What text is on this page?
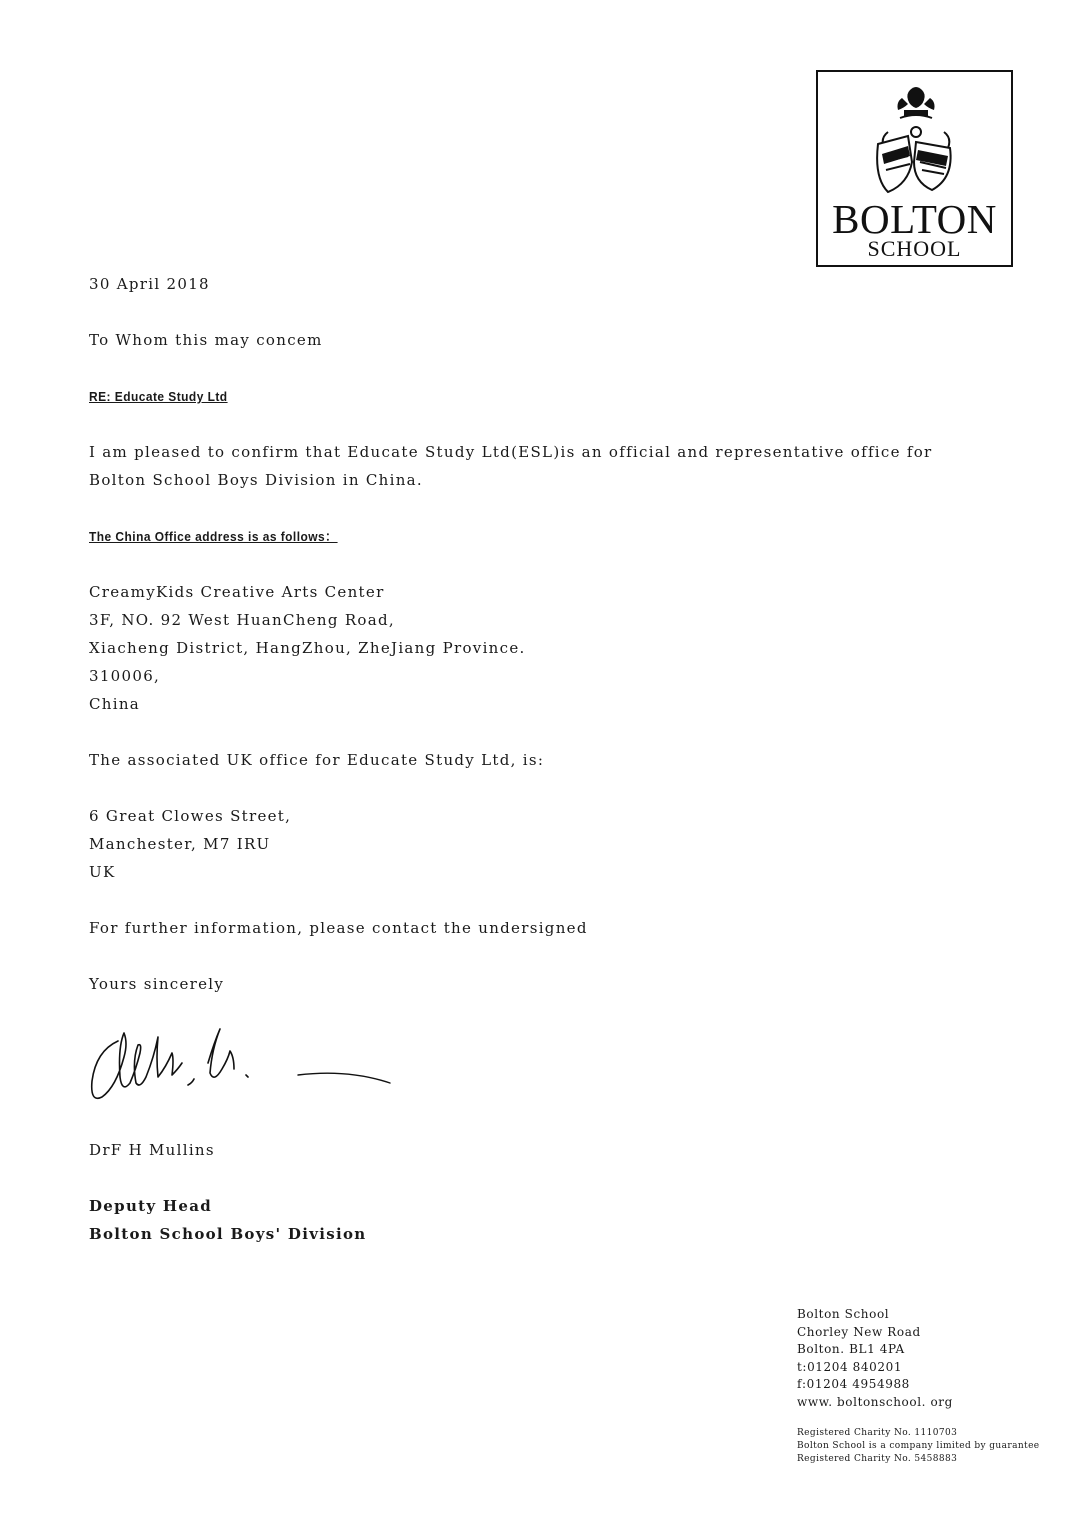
BOLTON
SCHOOL
30 April 2018
To Whom this may concem
RE: Educate Study Ltd
I am pleased to confirm that Educate Study Ltd(ESL)is an official and representative office for
Bolton School Boys Division in China.
The China Office address is as follows：
CreamyKids Creative Arts Center
3F, NO. 92 West HuanCheng Road,
Xiacheng District, HangZhou, ZheJiang Province.
310006,
China
The associated UK office for Educate Study Ltd, is:
6 Great Clowes Street,
Manchester, M7 IRU
UK
For further information, please contact the undersigned
Yours sincerely
DrF H Mullins
Deputy Head
Bolton School Boys' Division
Bolton School
Chorley New Road
Bolton. BL1 4PA
t:01204 840201
f:01204 4954988
www. boltonschool. org
Registered Charity No. 1110703
Bolton School is a company limited by guarantee
Registered Charity No. 5458883
